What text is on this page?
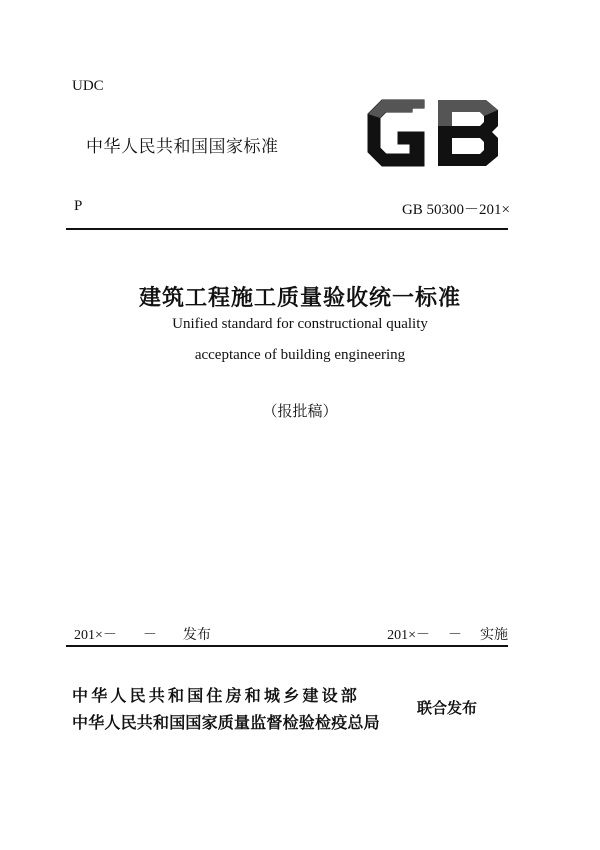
UDC
中华人民共和国国家标准
P	GB 50300－201×
建筑工程施工质量验收统一标准
Unified standard for constructional quality
acceptance of building engineering
（报批稿）
201×－ － 发布	201×－ － 实施
中华人民共和国住房和城乡建设部
中华人民共和国国家质量监督检验检疫总局
联合发布
